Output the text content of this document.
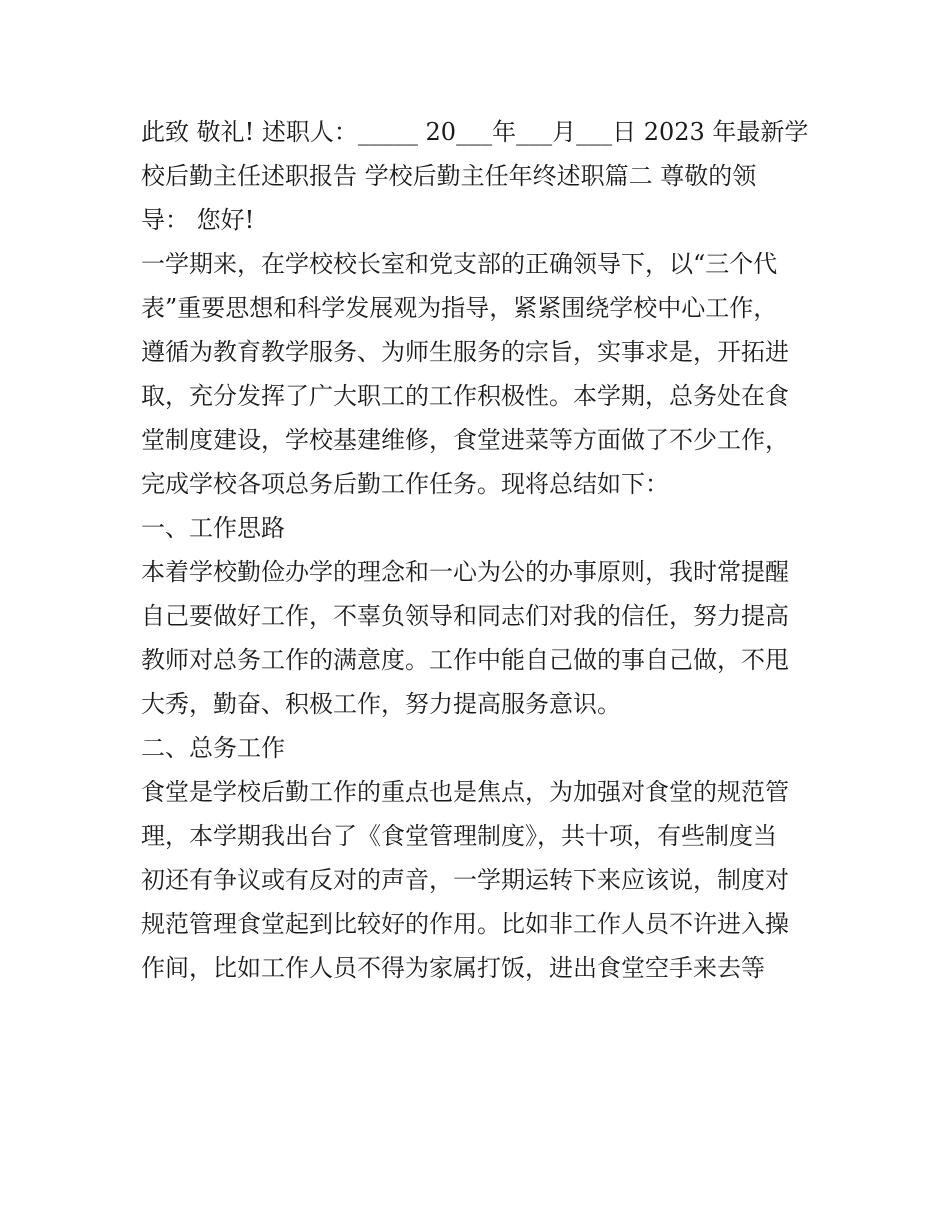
此致 敬礼! 述职人：_____ 20___年___月___日 2023 年最新学
校后勤主任述职报告 学校后勤主任年终述职篇二 尊敬的领
导： 您好!
一学期来，在学校校长室和党支部的正确领导下，以“三个代
表”重要思想和科学发展观为指导，紧紧围绕学校中心工作，
遵循为教育教学服务、为师生服务的宗旨，实事求是，开拓进
取，充分发挥了广大职工的工作积极性。本学期，总务处在食
堂制度建设，学校基建维修，食堂进菜等方面做了不少工作，
完成学校各项总务后勤工作任务。现将总结如下：
一、工作思路
本着学校勤俭办学的理念和一心为公的办事原则，我时常提醒
自己要做好工作，不辜负领导和同志们对我的信任，努力提高
教师对总务工作的满意度。工作中能自己做的事自己做，不甩
大秀，勤奋、积极工作，努力提高服务意识。
二、总务工作
食堂是学校后勤工作的重点也是焦点，为加强对食堂的规范管
理，本学期我出台了《食堂管理制度》，共十项，有些制度当
初还有争议或有反对的声音，一学期运转下来应该说，制度对
规范管理食堂起到比较好的作用。比如非工作人员不许进入操
作间，比如工作人员不得为家属打饭，进出食堂空手来去等
